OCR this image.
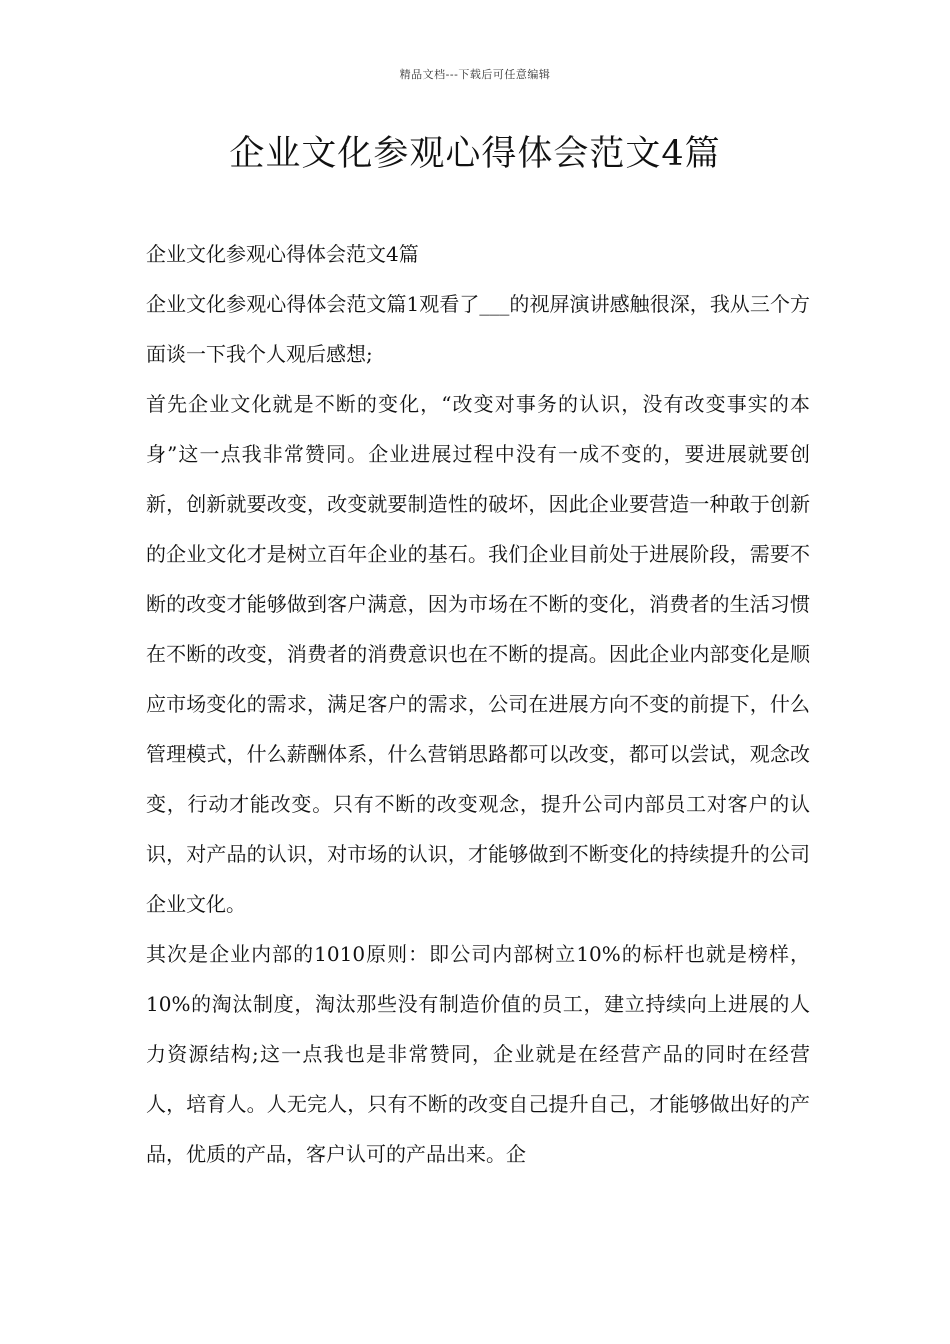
精品文档---下载后可任意编辑
企业文化参观心得体会范文4篇

企业文化参观心得体会范文4篇

企业文化参观心得体会范文篇1观看了___的视屏演讲感触很深，我从三个方面谈一下我个人观后感想;

首先企业文化就是不断的变化，“改变对事务的认识，没有改变事实的本身”这一点我非常赞同。企业进展过程中没有一成不变的，要进展就要创新，创新就要改变，改变就要制造性的破坏，因此企业要营造一种敢于创新的企业文化才是树立百年企业的基石。我们企业目前处于进展阶段，需要不断的改变才能够做到客户满意，因为市场在不断的变化，消费者的生活习惯在不断的改变，消费者的消费意识也在不断的提高。因此企业内部变化是顺应市场变化的需求，满足客户的需求，公司在进展方向不变的前提下，什么管理模式，什么薪酬体系，什么营销思路都可以改变，都可以尝试，观念改变，行动才能改变。只有不断的改变观念，提升公司内部员工对客户的认识，对产品的认识，对市场的认识，才能够做到不断变化的持续提升的公司企业文化。

其次是企业内部的1010原则：即公司内部树立10%的标杆也就是榜样，10%的淘汰制度，淘汰那些没有制造价值的员工，建立持续向上进展的人力资源结构;这一点我也是非常赞同，企业就是在经营产品的同时在经营人，培育人。人无完人，只有不断的改变自己提升自己，才能够做出好的产品，优质的产品，客户认可的产品出来。企
